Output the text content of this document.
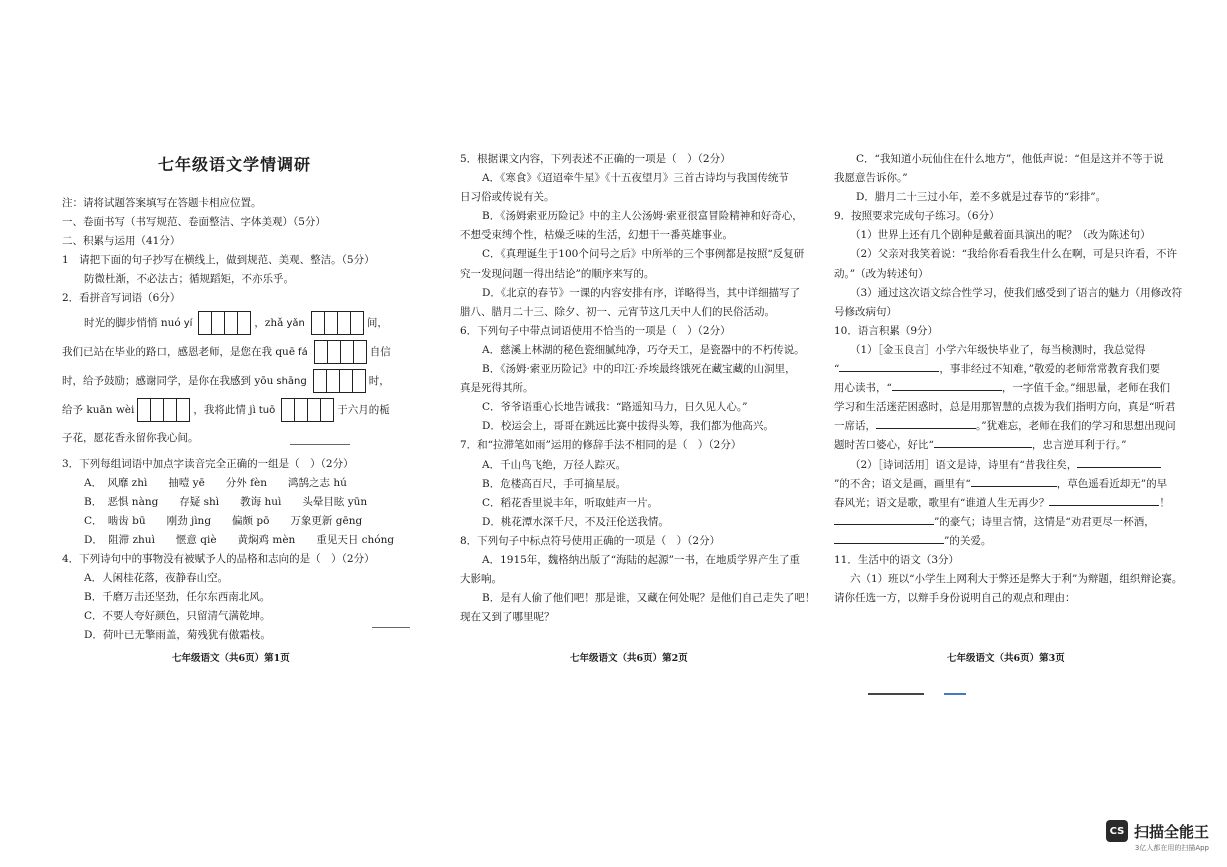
七年级语文学情调研

注：请将试题答案填写在答题卡相应位置。

一、卷面书写（书写规范、卷面整洁、字体美观）（5分）

二、积累与运用（41分）

1　请把下面的句子抄写在横线上，做到规范、美观、整洁。（5分）

防微杜渐，不必法古；循规蹈矩，不亦乐乎。

2．看拼音写词语（6分）

时光的脚步悄悄 nuó yí	，zhǎ yǎn	间，
我们已站在毕业的路口，感恩老师，是您在我 quē fá	自信
时，给予鼓励；感谢同学，是你在我感到 yōu shāng	时，
给予 kuān wèi	，我将此情 jì tuō	于六月的栀

子花，愿花香永留你我心间。

3．下列每组词语中加点字读音完全正确的一组是（　）（2分）

A．　风靡 zhì　　抽噎 yē　　分外 fèn　　鸿鹄之志 hú

B．　恶惧 nàng　　存疑 shì　　教诲 huì　　头晕目眩 yūn

C．　啮齿 bū　　刚劲 jìng　　偏颇 pō　　万象更新 gēng

D．　阻滞 zhuì　　惬意 qiè　　黄焖鸡 mèn　　重见天日 chóng

4．下列诗句中的事物没有被赋予人的品格和志向的是（　）（2分）

A．人闲桂花落，夜静春山空。

B．千磨万击还坚劲，任尔东西南北风。

C．不要人夸好颜色，只留清气满乾坤。

D．荷叶已无擎雨盖，菊残犹有傲霜枝。

5．根据课文内容，下列表述不正确的一项是（　）（2分）

A．《寒食》《迢迢牵牛星》《十五夜望月》三首古诗均与我国传统节

日习俗或传说有关。

B．《汤姆索亚历险记》中的主人公汤姆·索亚很富冒险精神和好奇心，

不想受束缚个性，枯燥乏味的生活，幻想干一番英雄事业。

C．《真理诞生于100个问号之后》中所举的三个事例都是按照“反复研

究一发现问题一得出结论”的顺序来写的。

D．《北京的春节》一课的内容安排有序，详略得当，其中详细描写了

腊八、腊月二十三、除夕、初一、元宵节这几天中人们的民俗活动。

6．下列句子中带点词语使用不恰当的一项是（　）（2分）

A．慈溪上林湖的秘色瓷细腻纯净，巧夺天工，是瓷器中的不朽传说。

B．《汤姆·索亚历险记》中的印江·乔埃最终饿死在藏宝藏的山洞里，

真是死得其所。

C．爷爷语重心长地告诫我：“路遥知马力，日久见人心。”

D．校运会上，哥哥在跳远比赛中拔得头筹，我们都为他高兴。

7．和“拉滞笔如雨”运用的修辞手法不相同的是（　）（2分）

A．千山鸟飞绝，万径人踪灭。

B．危楼高百尺，手可摘星辰。

C．稻花香里说丰年，听取蛙声一片。

D．桃花潭水深千尺，不及汪伦送我情。

8．下列句子中标点符号使用正确的一项是（　）（2分）

A．1915年，魏格纳出版了“海陆的起源”一书，在地质学界产生了重

大影响。

B．是有人偷了他们吧！那是谁，又藏在何处呢？是他们自己走失了吧！

现在又到了哪里呢？

C．“我知道小玩仙住在什么地方”，他低声说：“但是这并不等于说

我愿意告诉你。”

D．腊月二十三过小年，差不多就是过春节的“彩排”。

9．按照要求完成句子练习。（6分）

（1）世界上还有几个剧种是戴着面具演出的呢？（改为陈述句）

（2）父亲对我笑着说：“我给你看看我生什么在啊，可是只许看，不许

动。”（改为转述句）

（3）通过这次语文综合性学习，使我们感受到了语言的魅力（用修改符

号修改病句）

10．语言积累（9分）

（1）［金玉良言］小学六年级快毕业了，每当検测时，我总觉得

“	，事非经过不知难，”敬爱的老师常常教育我们要

用心读书，“	，一字值千金。”细思量，老师在我们

学习和生活迷茫困惑时，总是用那智慧的点拨为我们指明方向，真是“听君

一席话，	。”犹难忘，老师在我们的学习和思想出现问

题时苦口婆心，好比“	，忠言逆耳利于行。”

（2）［诗词活用］语文是诗，诗里有“昔我往矣，

”的不舍；语文是画，画里有“	，草色遥看近却无”的早

春风光；语文是歌，歌里有“谁道人生无再少？	！

”的豪气；诗里言情，这情是“劝君更尽一杯酒，

”的关爱。

11．生活中的语文（3分）

六（1）班以“小学生上网利大于弊还是弊大于利”为辩题，组织辩论赛。

请你任选一方，以辩手身份说明自己的观点和理由：

七年级语文（共6页）第1页	七年级语文（共6页）第2页	七年级语文（共6页）第3页
CS 扫描全能王
3亿人都在用的扫描App
